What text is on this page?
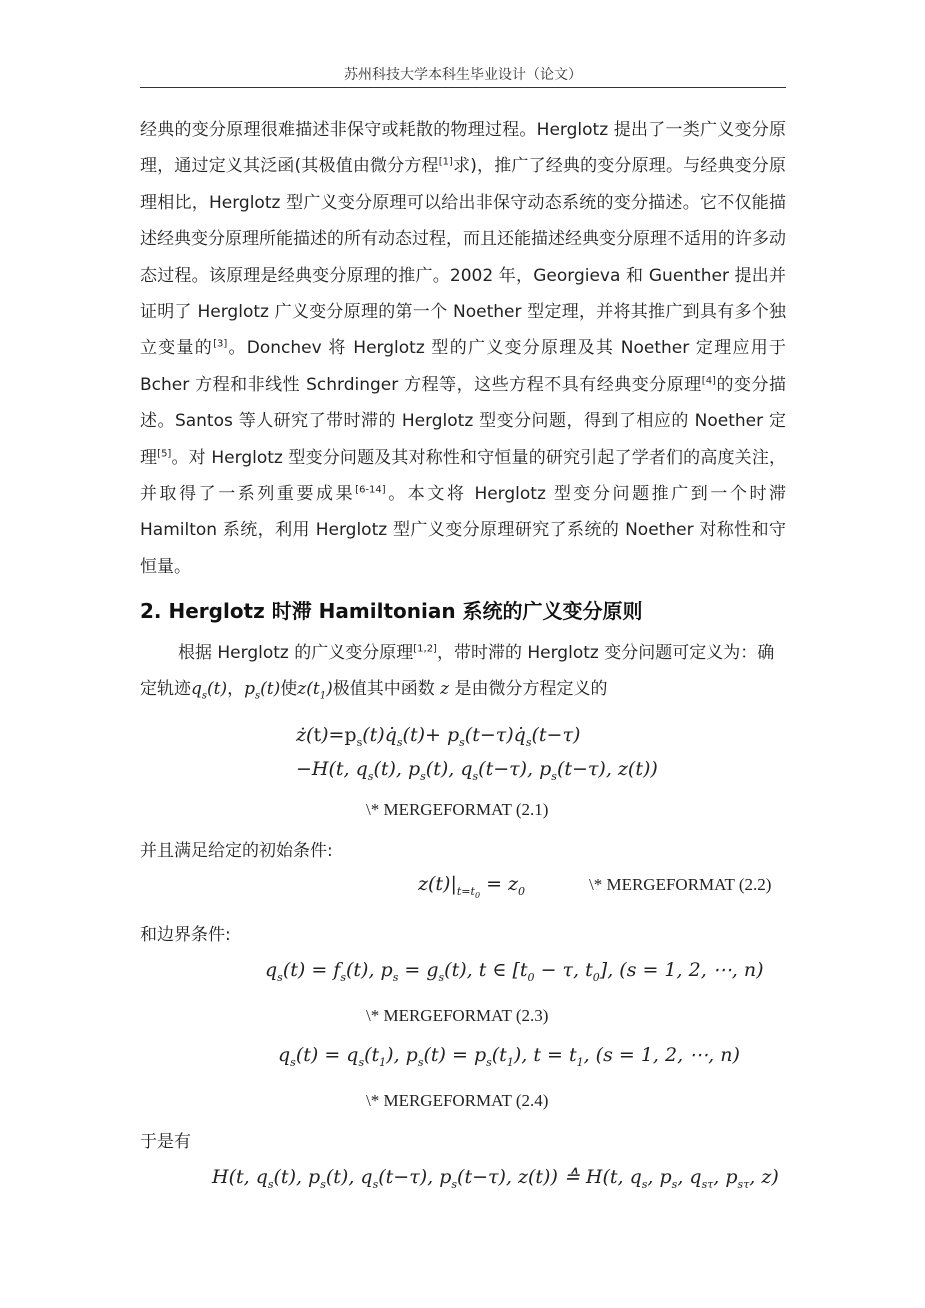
苏州科技大学本科生毕业设计（论文）

经典的变分原理很难描述非保守或耗散的物理过程。Herglotz 提出了一类广义变分原理，通过定义其泛函(其极值由微分方程[1]求)，推广了经典的变分原理。与经典变分原理相比，Herglotz 型广义变分原理可以给出非保守动态系统的变分描述。它不仅能描述经典变分原理所能描述的所有动态过程，而且还能描述经典变分原理不适用的许多动态过程。该原理是经典变分原理的推广。2002 年，Georgieva 和 Guenther 提出并证明了 Herglotz 广义变分原理的第一个 Noether 型定理，并将其推广到具有多个独立变量的[3]。Donchev 将 Herglotz 型的广义变分原理及其 Noether 定理应用于 Bcher 方程和非线性 Schrdinger 方程等，这些方程不具有经典变分原理[4]的变分描述。Santos 等人研究了带时滞的 Herglotz 型变分问题，得到了相应的 Noether 定理[5]。对 Herglotz 型变分问题及其对称性和守恒量的研究引起了学者们的高度关注，并取得了一系列重要成果[6-14]。本文将 Herglotz 型变分问题推广到一个时滞 Hamilton 系统，利用 Herglotz 型广义变分原理研究了系统的 Noether 对称性和守恒量。

2. Herglotz 时滞 Hamiltonian 系统的广义变分原则
根据 Herglotz 的广义变分原理[1,2]，带时滞的 Herglotz 变分问题可定义为：确定轨迹$q_s(t)$，$p_s(t)$使$z(t_1)$极值其中函数 z 是由微分方程定义的
$ż(t)=p_s(t)q̇_s(t)+$ $p_s(t-\tau)q̇_s(t-\tau)$
−H(t, $q_s(t)$, $p_s(t)$, $q_s(t-\tau)$, $p_s(t-\tau)$, z(t))
\* MERGEFORMAT (2.1)
并且满足给定的初始条件:
$z(t)|_{t=t_0} = z_0$	\* MERGEFORMAT (2.2)
和边界条件:
$q_s(t) = f_s(t)$, $p_s = g_s(t)$, t ∈ [$t_0 - \tau$, $t_0$], (s = 1, 2, ⋯, n)
\* MERGEFORMAT (2.3)
$q_s(t) = q_s(t_1)$, $p_s(t) = p_s(t_1)$, $t = t_1$, (s = 1, 2, ⋯, n)
\* MERGEFORMAT (2.4)
于是有
H(t, $q_s(t)$, $p_s(t)$, $q_s(t-\tau)$, $p_s(t-\tau)$, z(t)) ≙ H(t, $q_s$, $p_s$, $q_{s\tau}$, $p_{s\tau}$, z)
